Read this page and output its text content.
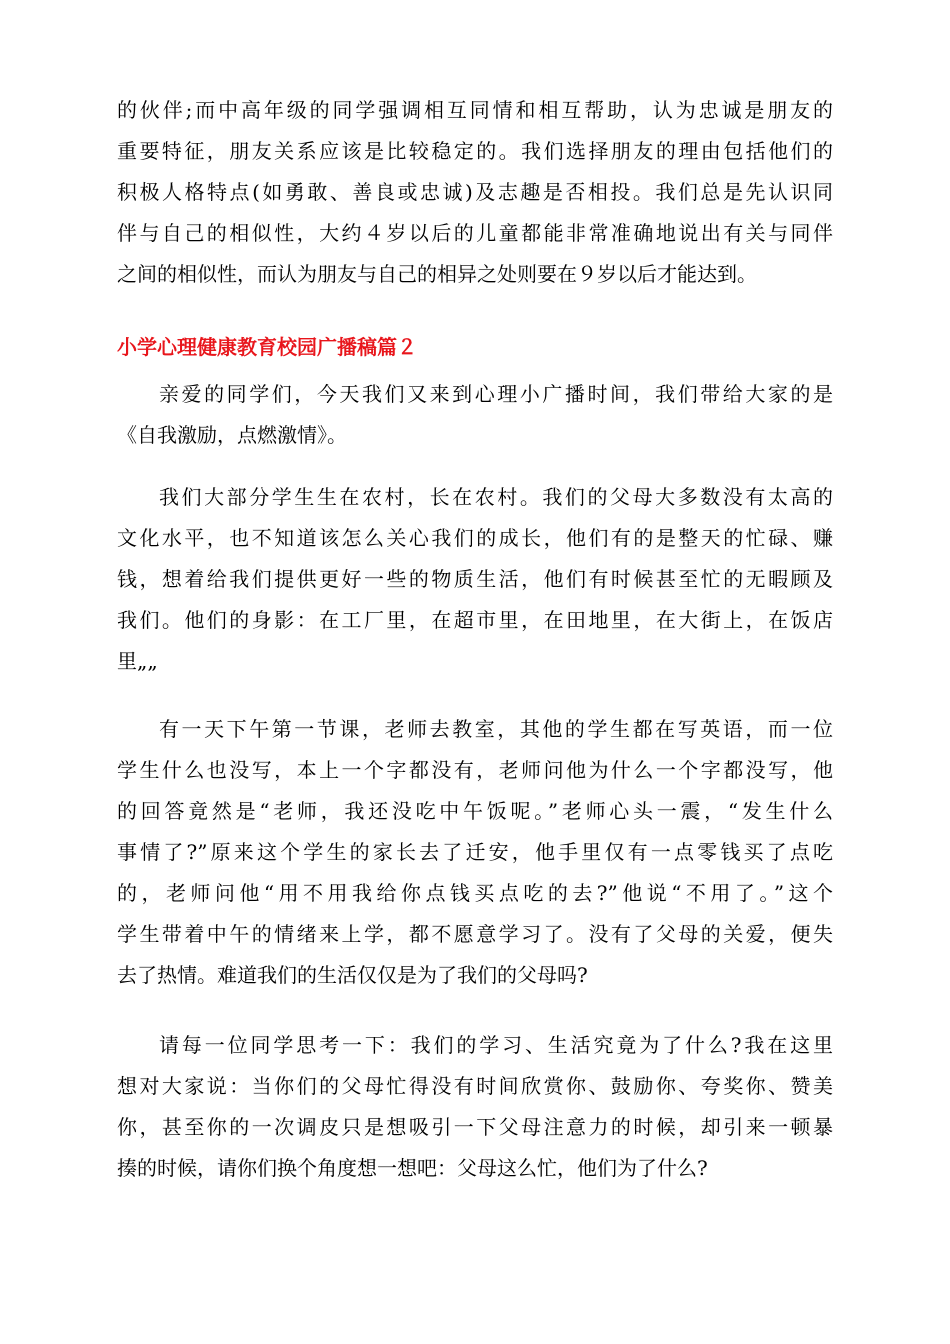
的伙伴;而中高年级的同学强调相互同情和相互帮助，认为忠诚是朋友的
重要特征，朋友关系应该是比较稳定的。我们选择朋友的理由包括他们的
积极人格特点(如勇敢、善良或忠诚)及志趣是否相投。我们总是先认识同
伴与自己的相似性，大约４岁以后的儿童都能非常准确地说出有关与同伴
之间的相似性，而认为朋友与自己的相异之处则要在９岁以后才能达到。
小学心理健康教育校园广播稿篇２
亲爱的同学们，今天我们又来到心理小广播时间，我们带给大家的是
《自我激励，点燃激情》。
我们大部分学生生在农村，长在农村。我们的父母大多数没有太高的
文化水平，也不知道该怎么关心我们的成长，他们有的是整天的忙碌、赚
钱，想着给我们提供更好一些的物质生活，他们有时候甚至忙的无暇顾及
我们。他们的身影：在工厂里，在超市里，在田地里，在大街上，在饭店
里„„
有一天下午第一节课，老师去教室，其他的学生都在写英语，而一位
学生什么也没写，本上一个字都没有，老师问他为什么一个字都没写，他
的回答竟然是“老师，我还没吃中午饭呢。”老师心头一震，“发生什么
事情了?”原来这个学生的家长去了迁安，他手里仅有一点零钱买了点吃
的，老师问他“用不用我给你点钱买点吃的去?”他说“不用了。”这个
学生带着中午的情绪来上学，都不愿意学习了。没有了父母的关爱，便失
去了热情。难道我们的生活仅仅是为了我们的父母吗?
请每一位同学思考一下：我们的学习、生活究竟为了什么?我在这里
想对大家说：当你们的父母忙得没有时间欣赏你、鼓励你、夸奖你、赞美
你，甚至你的一次调皮只是想吸引一下父母注意力的时候，却引来一顿暴
揍的时候，请你们换个角度想一想吧：父母这么忙，他们为了什么?
